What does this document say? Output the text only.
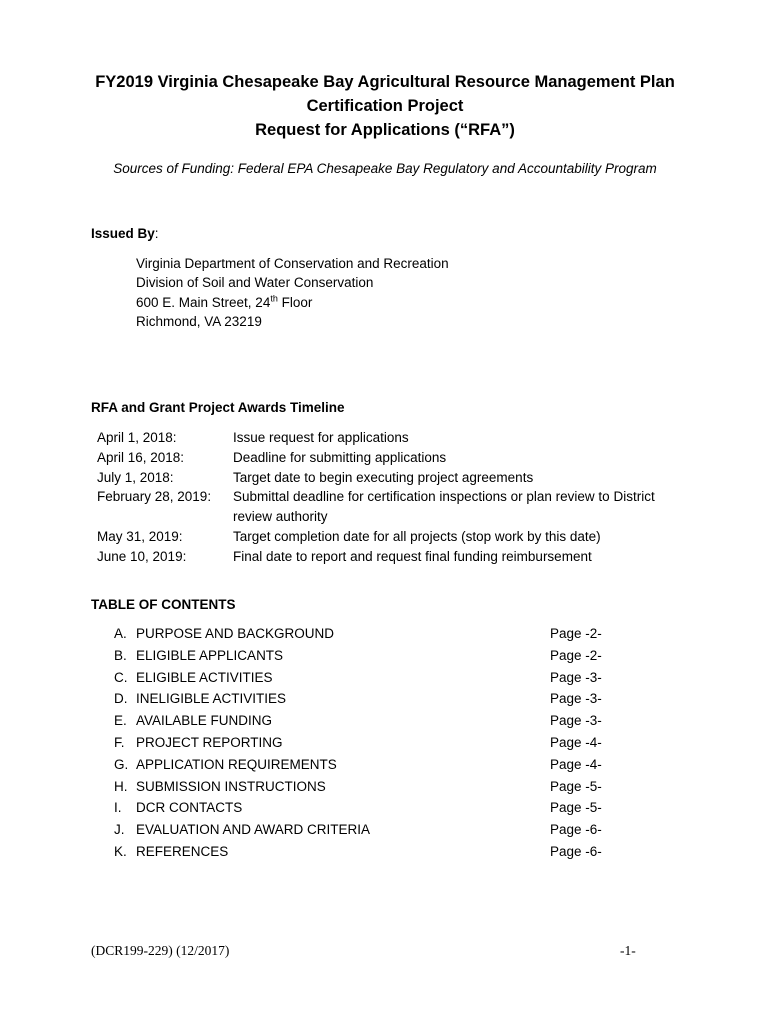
FY2019 Virginia Chesapeake Bay Agricultural Resource Management Plan
Certification Project
Request for Applications (“RFA”)
Sources of Funding: Federal EPA Chesapeake Bay Regulatory and Accountability Program
Issued By:
Virginia Department of Conservation and Recreation
Division of Soil and Water Conservation
600 E. Main Street, 24th Floor
Richmond, VA 23219
RFA and Grant Project Awards Timeline
April 1, 2018:	Issue request for applications
April 16, 2018:	Deadline for submitting applications
July 1, 2018:	Target date to begin executing project agreements
February 28, 2019:	Submittal deadline for certification inspections or plan review to District review authority
May 31, 2019:	Target completion date for all projects (stop work by this date)
June 10, 2019:	Final date to report and request final funding reimbursement
TABLE OF CONTENTS
A. PURPOSE AND BACKGROUND	Page -2-
B. ELIGIBLE APPLICANTS	Page -2-
C. ELIGIBLE ACTIVITIES	Page -3-
D. INELIGIBLE ACTIVITIES	Page -3-
E. AVAILABLE FUNDING	Page -3-
F. PROJECT REPORTING	Page -4-
G. APPLICATION REQUIREMENTS	Page -4-
H. SUBMISSION INSTRUCTIONS	Page -5-
I.	DCR CONTACTS	Page -5-
J. EVALUATION AND AWARD CRITERIA	Page -6-
K. REFERENCES	Page -6-
(DCR199-229) (12/2017)	-1-
